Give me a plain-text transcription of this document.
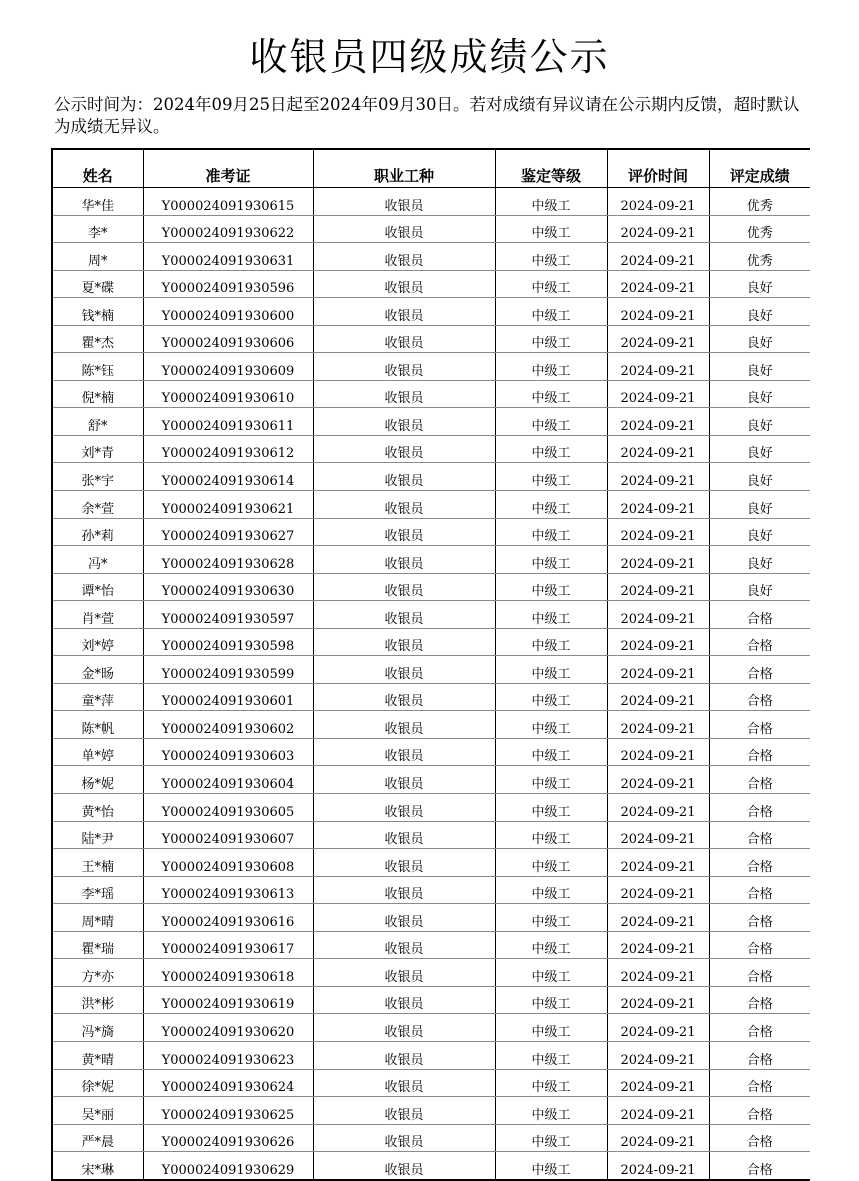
收银员四级成绩公示
公示时间为：2024年09月25日起至2024年09月30日。若对成绩有异议请在公示期内反馈，超时默认为成绩无异议。
姓名	准考证	职业工种	鉴定等级	评价时间	评定成绩
华*佳	Y000024091930615	收银员	中级工	2024-09-21	优秀
李*	Y000024091930622	收银员	中级工	2024-09-21	优秀
周*	Y000024091930631	收银员	中级工	2024-09-21	优秀
夏*碟	Y000024091930596	收银员	中级工	2024-09-21	良好
钱*楠	Y000024091930600	收银员	中级工	2024-09-21	良好
瞿*杰	Y000024091930606	收银员	中级工	2024-09-21	良好
陈*钰	Y000024091930609	收银员	中级工	2024-09-21	良好
倪*楠	Y000024091930610	收银员	中级工	2024-09-21	良好
舒*	Y000024091930611	收银员	中级工	2024-09-21	良好
刘*青	Y000024091930612	收银员	中级工	2024-09-21	良好
张*宇	Y000024091930614	收银员	中级工	2024-09-21	良好
余*萱	Y000024091930621	收银员	中级工	2024-09-21	良好
孙*莉	Y000024091930627	收银员	中级工	2024-09-21	良好
冯*	Y000024091930628	收银员	中级工	2024-09-21	良好
谭*怡	Y000024091930630	收银员	中级工	2024-09-21	良好
肖*萱	Y000024091930597	收银员	中级工	2024-09-21	合格
刘*婷	Y000024091930598	收银员	中级工	2024-09-21	合格
金*旸	Y000024091930599	收银员	中级工	2024-09-21	合格
童*萍	Y000024091930601	收银员	中级工	2024-09-21	合格
陈*帆	Y000024091930602	收银员	中级工	2024-09-21	合格
单*婷	Y000024091930603	收银员	中级工	2024-09-21	合格
杨*妮	Y000024091930604	收银员	中级工	2024-09-21	合格
黄*怡	Y000024091930605	收银员	中级工	2024-09-21	合格
陆*尹	Y000024091930607	收银员	中级工	2024-09-21	合格
王*楠	Y000024091930608	收银员	中级工	2024-09-21	合格
李*瑶	Y000024091930613	收银员	中级工	2024-09-21	合格
周*晴	Y000024091930616	收银员	中级工	2024-09-21	合格
瞿*瑞	Y000024091930617	收银员	中级工	2024-09-21	合格
方*亦	Y000024091930618	收银员	中级工	2024-09-21	合格
洪*彬	Y000024091930619	收银员	中级工	2024-09-21	合格
冯*旖	Y000024091930620	收银员	中级工	2024-09-21	合格
黄*晴	Y000024091930623	收银员	中级工	2024-09-21	合格
徐*妮	Y000024091930624	收银员	中级工	2024-09-21	合格
吴*丽	Y000024091930625	收银员	中级工	2024-09-21	合格
严*晨	Y000024091930626	收银员	中级工	2024-09-21	合格
宋*琳	Y000024091930629	收银员	中级工	2024-09-21	合格
